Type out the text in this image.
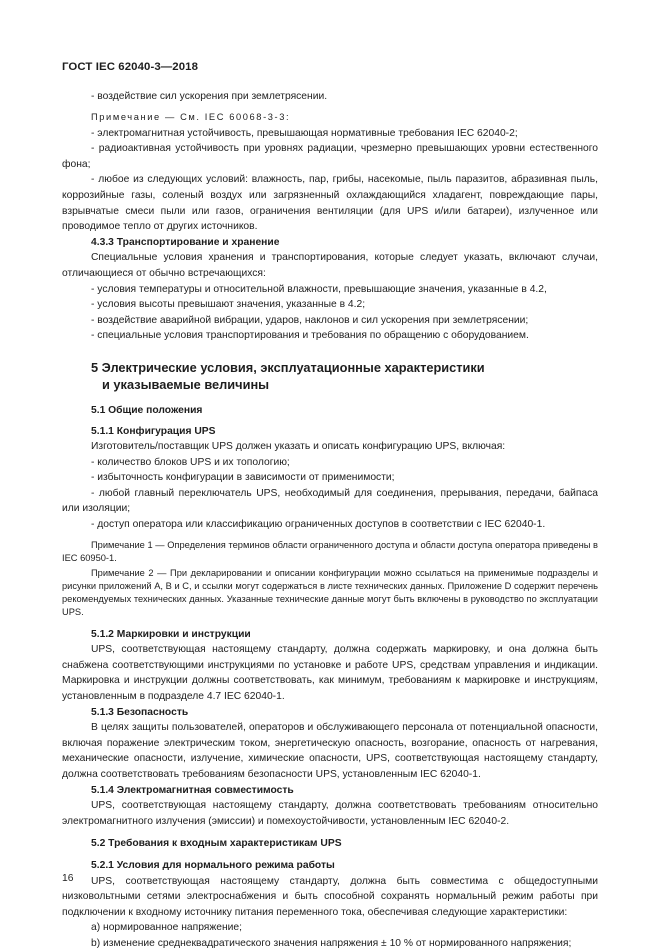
ГОСТ IEC 62040-3—2018

- воздействие сил ускорения при землетрясении.

Примечание — См. IEC 60068-3-3:

- электромагнитная устойчивость, превышающая нормативные требования IEC 62040-2;

- радиоактивная устойчивость при уровнях радиации, чрезмерно превышающих уровни естественного фона;

- любое из следующих условий: влажность, пар, грибы, насекомые, пыль паразитов, абразивная пыль, коррозийные газы, соленый воздух или загрязненный охлаждающийся хладагент, повреждающие пары, взрывчатые смеси пыли или газов, ограничения вентиляции (для UPS и/или батареи), излученное или проводимое тепло от других источников.

4.3.3 Транспортирование и хранение

Специальные условия хранения и транспортирования, которые следует указать, включают случаи, отличающиеся от обычно встречающихся:

- условия температуры и относительной влажности, превышающие значения, указанные в 4.2,

- условия высоты превышают значения, указанные в 4.2;

- воздействие аварийной вибрации, ударов, наклонов и сил ускорения при землетрясении;

- специальные условия транспортирования и требования по обращению с оборудованием.

5 Электрические условия, эксплуатационные характеристики
и указываемые величины

5.1 Общие положения

5.1.1 Конфигурация UPS

Изготовитель/поставщик UPS должен указать и описать конфигурацию UPS, включая:

- количество блоков UPS и их топологию;

- избыточность конфигурации в зависимости от применимости;

- любой главный переключатель UPS, необходимый для соединения, прерывания, передачи, байпаса или изоляции;

- доступ оператора или классификацию ограниченных доступов в соответствии с IEC 62040-1.

Примечание 1 — Определения терминов области ограниченного доступа и области доступа оператора приведены в IEC 60950-1.

Примечание 2 — При декларировании и описании конфигурации можно ссылаться на применимые подразделы и рисунки приложений А, В и С, и ссылки могут содержаться в листе технических данных. Приложение D содержит перечень рекомендуемых технических данных. Указанные технические данные могут быть включены в руководство по эксплуатации UPS.

5.1.2 Маркировки и инструкции

UPS, соответствующая настоящему стандарту, должна содержать маркировку, и она должна быть снабжена соответствующими инструкциями по установке и работе UPS, средствам управления и индикации. Маркировка и инструкции должны соответствовать, как минимум, требованиям к маркировке и инструкциям, установленным в подразделе 4.7 IEC 62040-1.

5.1.3 Безопасность

В целях защиты пользователей, операторов и обслуживающего персонала от потенциальной опасности, включая поражение электрическим током, энергетическую опасность, возгорание, опасность от нагревания, механические опасности, излучение, химические опасности, UPS, соответствующая настоящему стандарту, должна соответствовать требованиям безопасности UPS, установленным IEC 62040-1.

5.1.4 Электромагнитная совместимость

UPS, соответствующая настоящему стандарту, должна соответствовать требованиям относительно электромагнитного излучения (эмиссии) и помехоустойчивости, установленным IEC 62040-2.

5.2 Требования к входным характеристикам UPS

5.2.1 Условия для нормального режима работы

UPS, соответствующая настоящему стандарту, должна быть совместима с общедоступными низковольтными сетями электроснабжения и быть способной сохранять нормальный режим работы при подключении к входному источнику питания переменного тока, обеспечивая следующие характеристики:

а) нормированное напряжение;

b) изменение среднеквадратического значения напряжения ± 10 % от нормированного напряжения;

16
